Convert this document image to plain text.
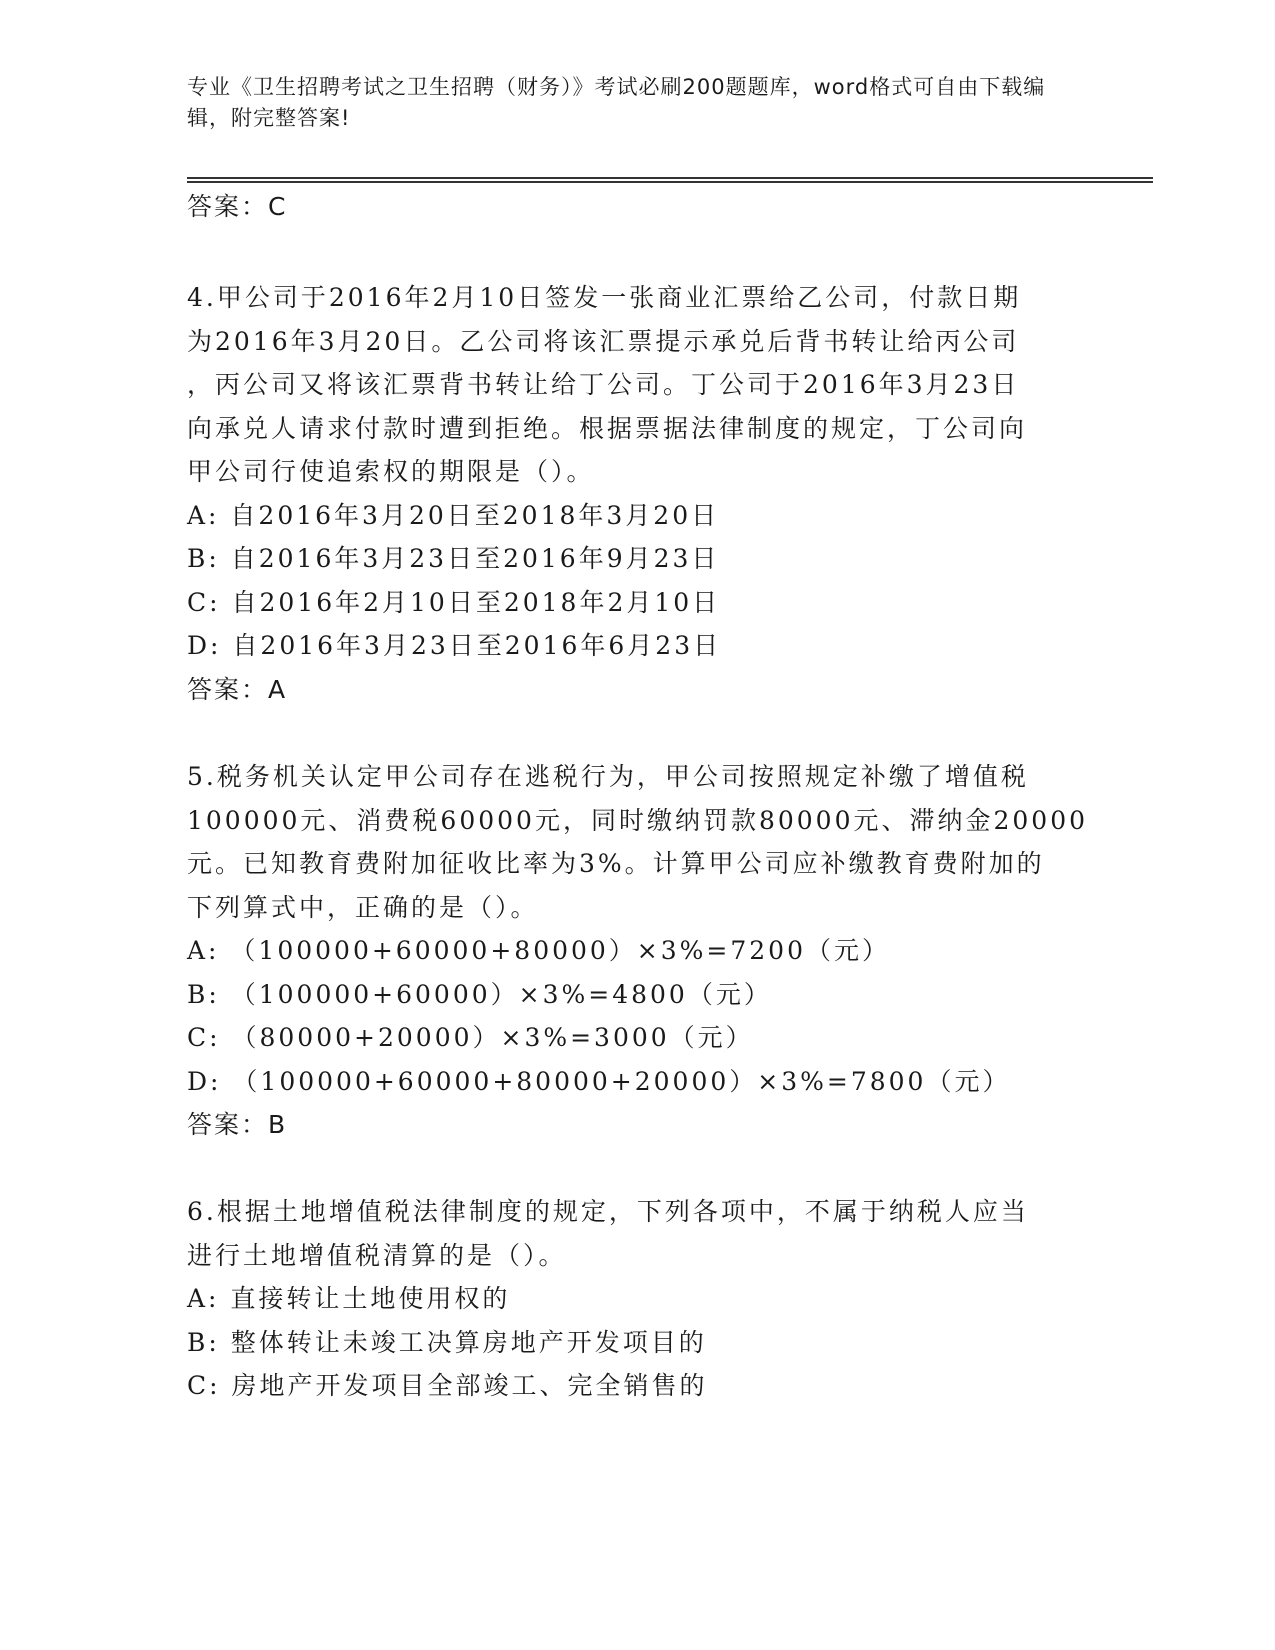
专业《卫生招聘考试之卫生招聘（财务）》考试必刷200题题库，word格式可自由下载编辑，附完整答案!

答案：C
4.甲公司于2016年2月10日签发一张商业汇票给乙公司，付款日期
为2016年3月20日。乙公司将该汇票提示承兑后背书转让给丙公司
，丙公司又将该汇票背书转让给丁公司。丁公司于2016年3月23日
向承兑人请求付款时遭到拒绝。根据票据法律制度的规定，丁公司向
甲公司行使追索权的期限是（）。
A: 自2016年3月20日至2018年3月20日
B: 自2016年3月23日至2016年9月23日
C: 自2016年2月10日至2018年2月10日
D: 自2016年3月23日至2016年6月23日
答案：A
5.税务机关认定甲公司存在逃税行为，甲公司按照规定补缴了增值税
100000元、消费税60000元，同时缴纳罚款80000元、滞纳金20000
元。已知教育费附加征收比率为3%。计算甲公司应补缴教育费附加的
下列算式中，正确的是（）。
A: （100000+60000+80000）×3%=7200（元）
B: （100000+60000）×3%=4800（元）
C: （80000+20000）×3%=3000（元）
D: （100000+60000+80000+20000）×3%=7800（元）
答案：B
6.根据土地增值税法律制度的规定，下列各项中，不属于纳税人应当
进行土地增值税清算的是（）。
A: 直接转让土地使用权的
B: 整体转让未竣工决算房地产开发项目的
C: 房地产开发项目全部竣工、完全销售的
